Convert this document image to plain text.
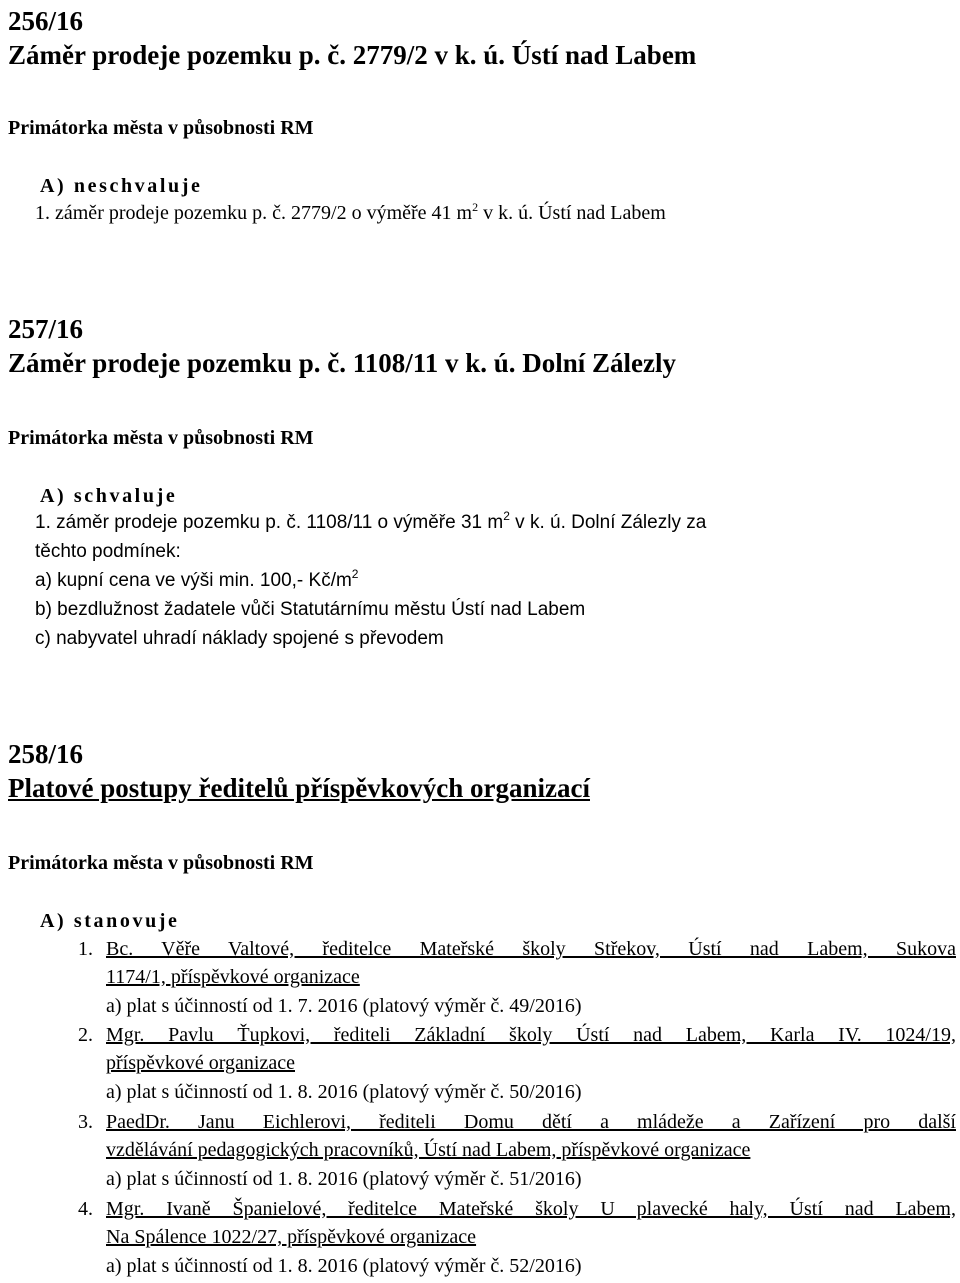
256/16
Záměr prodeje pozemku p. č. 2779/2 v k. ú. Ústí nad Labem
Primátorka města v působnosti RM
A) neschvaluje
1. záměr prodeje pozemku p. č. 2779/2 o výměře 41 $m^2$ v k. ú. Ústí nad Labem
257/16
Záměr prodeje pozemku p. č. 1108/11 v k. ú. Dolní Zálezly
Primátorka města v působnosti RM
A) schvaluje
1. záměr prodeje pozemku p. č. 1108/11 o výměře 31 $m^2$ v k. ú. Dolní Zálezly za
těchto podmínek:
a) kupní cena ve výši min. 100,- $Kč/m^2$
b) bezdlužnost žadatele vůči Statutárnímu městu Ústí nad Labem
c) nabyvatel uhradí náklady spojené s převodem
258/16
Platové postupy ředitelů příspěvkových organizací
Primátorka města v působnosti RM
A) stanovuje
1. Bc. Věře Valtové, ředitelce Mateřské školy Střekov, Ústí nad Labem, Sukova
1174/1, příspěvkové organizace
a) plat s účinností od 1. 7. 2016 (platový výměr č. 49/2016)
2. Mgr. Pavlu Ťupkovi, řediteli Základní školy Ústí nad Labem, Karla IV. 1024/19,
příspěvkové organizace
a) plat s účinností od 1. 8. 2016 (platový výměr č. 50/2016)
3. PaedDr. Janu Eichlerovi, řediteli Domu dětí a mládeže a Zařízení pro další
vzdělávání pedagogických pracovníků, Ústí nad Labem, příspěvkové organizace
a) plat s účinností od 1. 8. 2016 (platový výměr č. 51/2016)
4. Mgr. Ivaně Španielové, ředitelce Mateřské školy U plavecké haly, Ústí nad Labem,
Na Spálence 1022/27, příspěvkové organizace
a) plat s účinností od 1. 8. 2016 (platový výměr č. 52/2016)
